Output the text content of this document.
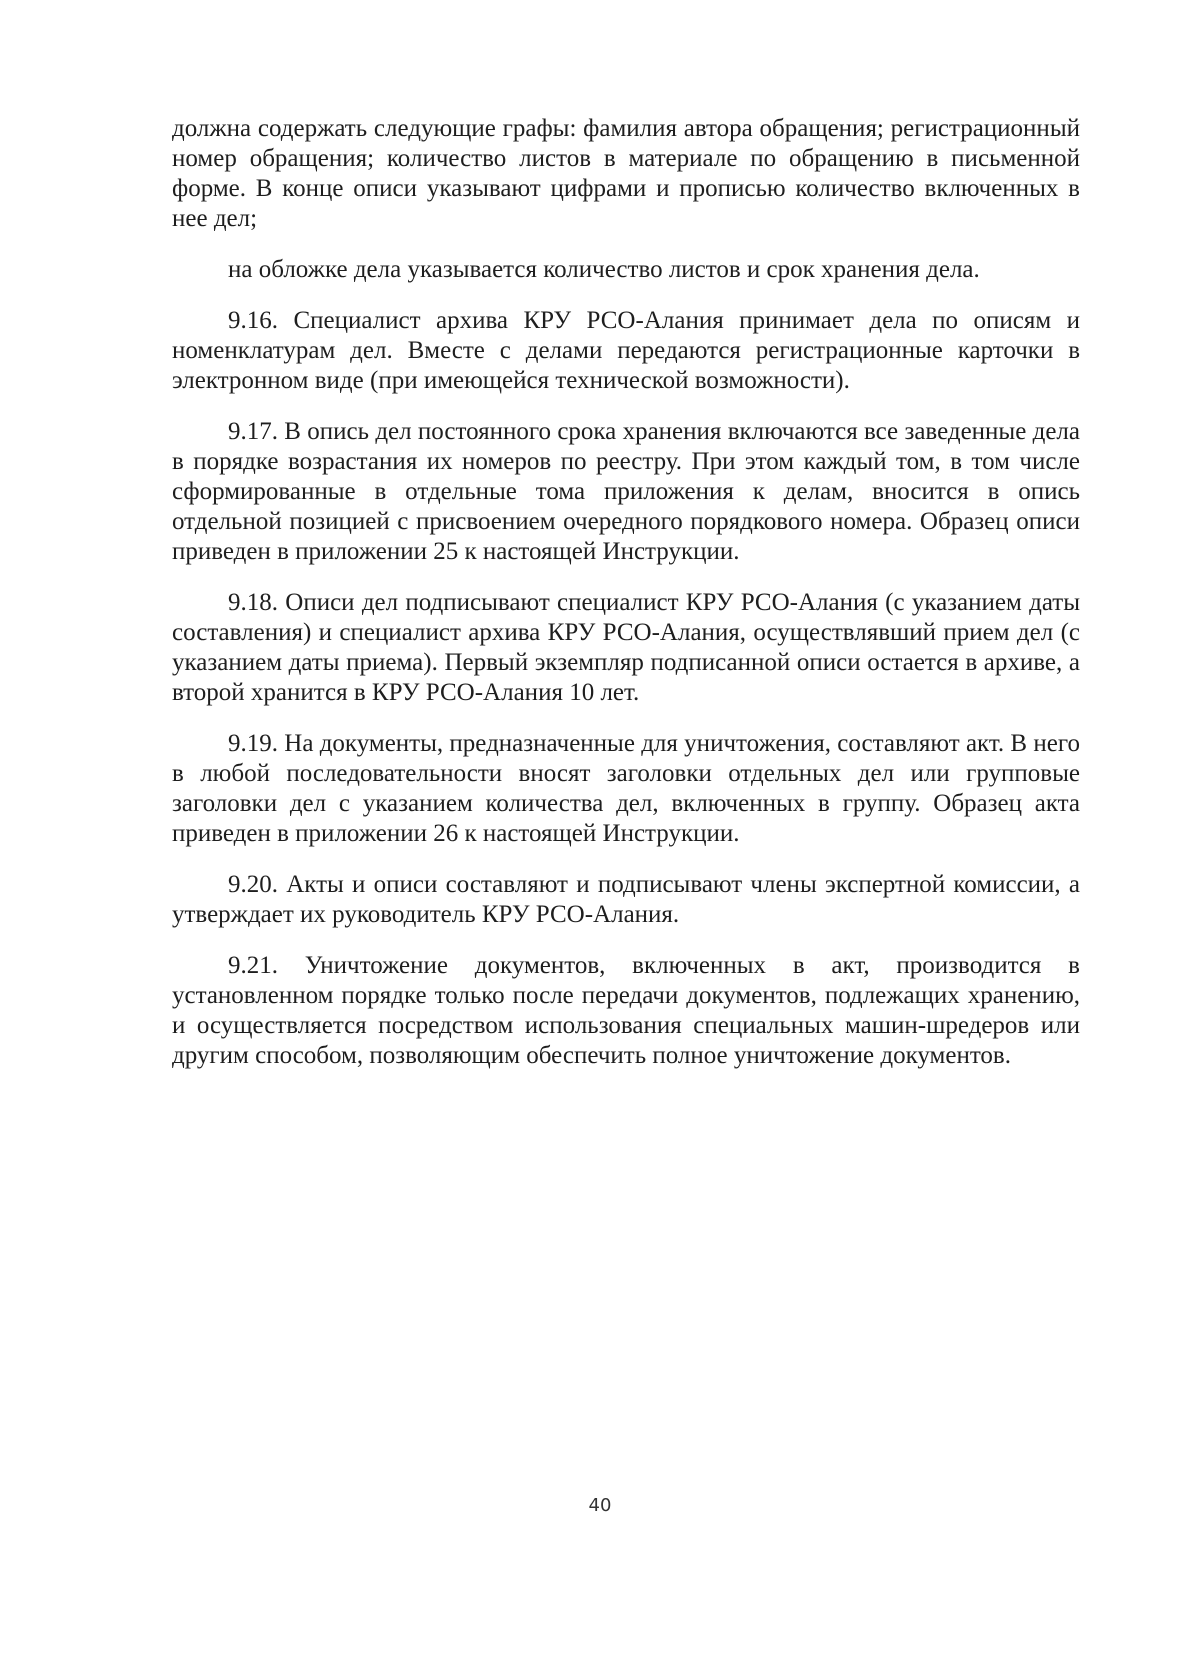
должна содержать следующие графы: фамилия автора обращения; регистрационный номер обращения; количество листов в материале по обращению в письменной форме. В конце описи указывают цифрами и прописью количество включенных в нее дел;

на обложке дела указывается количество листов и срок хранения дела.

9.16. Специалист архива КРУ РСО-Алания принимает дела по описям и номенклатурам дел. Вместе с делами передаются регистрационные карточки в электронном виде (при имеющейся технической возможности).

9.17. В опись дел постоянного срока хранения включаются все заведенные дела в порядке возрастания их номеров по реестру. При этом каждый том, в том числе сформированные в отдельные тома приложения к делам, вносится в опись отдельной позицией с присвоением очередного порядкового номера. Образец описи приведен в приложении 25 к настоящей Инструкции.

9.18. Описи дел подписывают специалист КРУ РСО-Алания (с указанием даты составления) и специалист архива КРУ РСО-Алания, осуществлявший прием дел (с указанием даты приема). Первый экземпляр подписанной описи остается в архиве, а второй хранится в КРУ РСО-Алания 10 лет.

9.19. На документы, предназначенные для уничтожения, составляют акт. В него в любой последовательности вносят заголовки отдельных дел или групповые заголовки дел с указанием количества дел, включенных в группу. Образец акта приведен в приложении 26 к настоящей Инструкции.

9.20. Акты и описи составляют и подписывают члены экспертной комиссии, а утверждает их руководитель КРУ РСО-Алания.

9.21. Уничтожение документов, включенных в акт, производится в установленном порядке только после передачи документов, подлежащих хранению, и осуществляется посредством использования специальных машин-шредеров или другим способом, позволяющим обеспечить полное уничтожение документов.

40
